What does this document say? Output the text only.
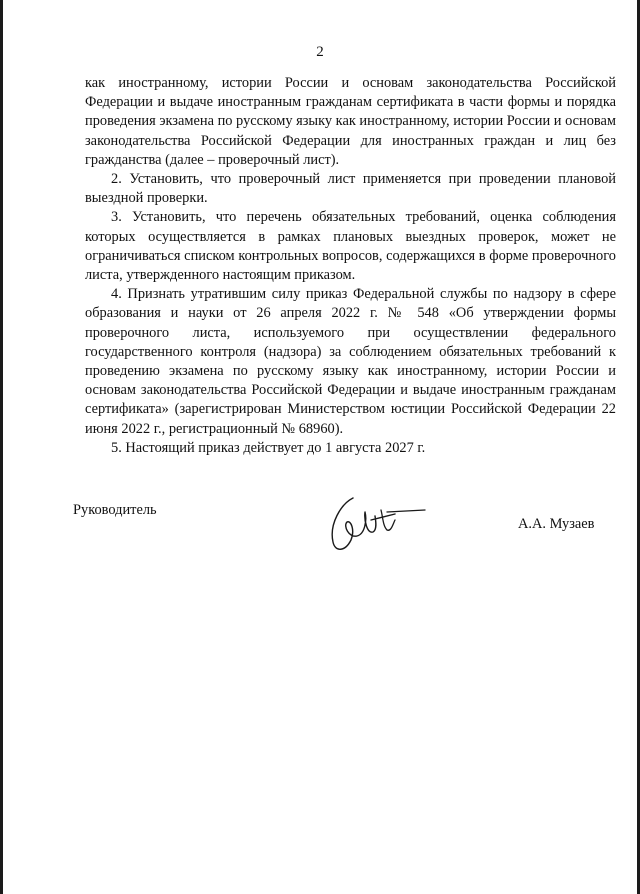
2

как иностранному, истории России и основам законодательства Российской Федерации и выдаче иностранным гражданам сертификата в части формы и порядка проведения экзамена по русскому языку как иностранному, истории России и основам законодательства Российской Федерации для иностранных граждан и лиц без гражданства (далее – проверочный лист).

2. Установить, что проверочный лист применяется при проведении плановой выездной проверки.

3. Установить, что перечень обязательных требований, оценка соблюдения которых осуществляется в рамках плановых выездных проверок, может не ограничиваться списком контрольных вопросов, содержащихся в форме проверочного листа, утвержденного настоящим приказом.

4. Признать утратившим силу приказ Федеральной службы по надзору в сфере образования и науки от 26 апреля 2022 г. № 548 «Об утверждении формы проверочного листа, используемого при осуществлении федерального государственного контроля (надзора) за соблюдением обязательных требований к проведению экзамена по русскому языку как иностранному, истории России и основам законодательства Российской Федерации и выдаче иностранным гражданам сертификата» (зарегистрирован Министерством юстиции Российской Федерации 22 июня 2022 г., регистрационный № 68960).

5. Настоящий приказ действует до 1 августа 2027 г.

Руководитель
А.А. Музаев
